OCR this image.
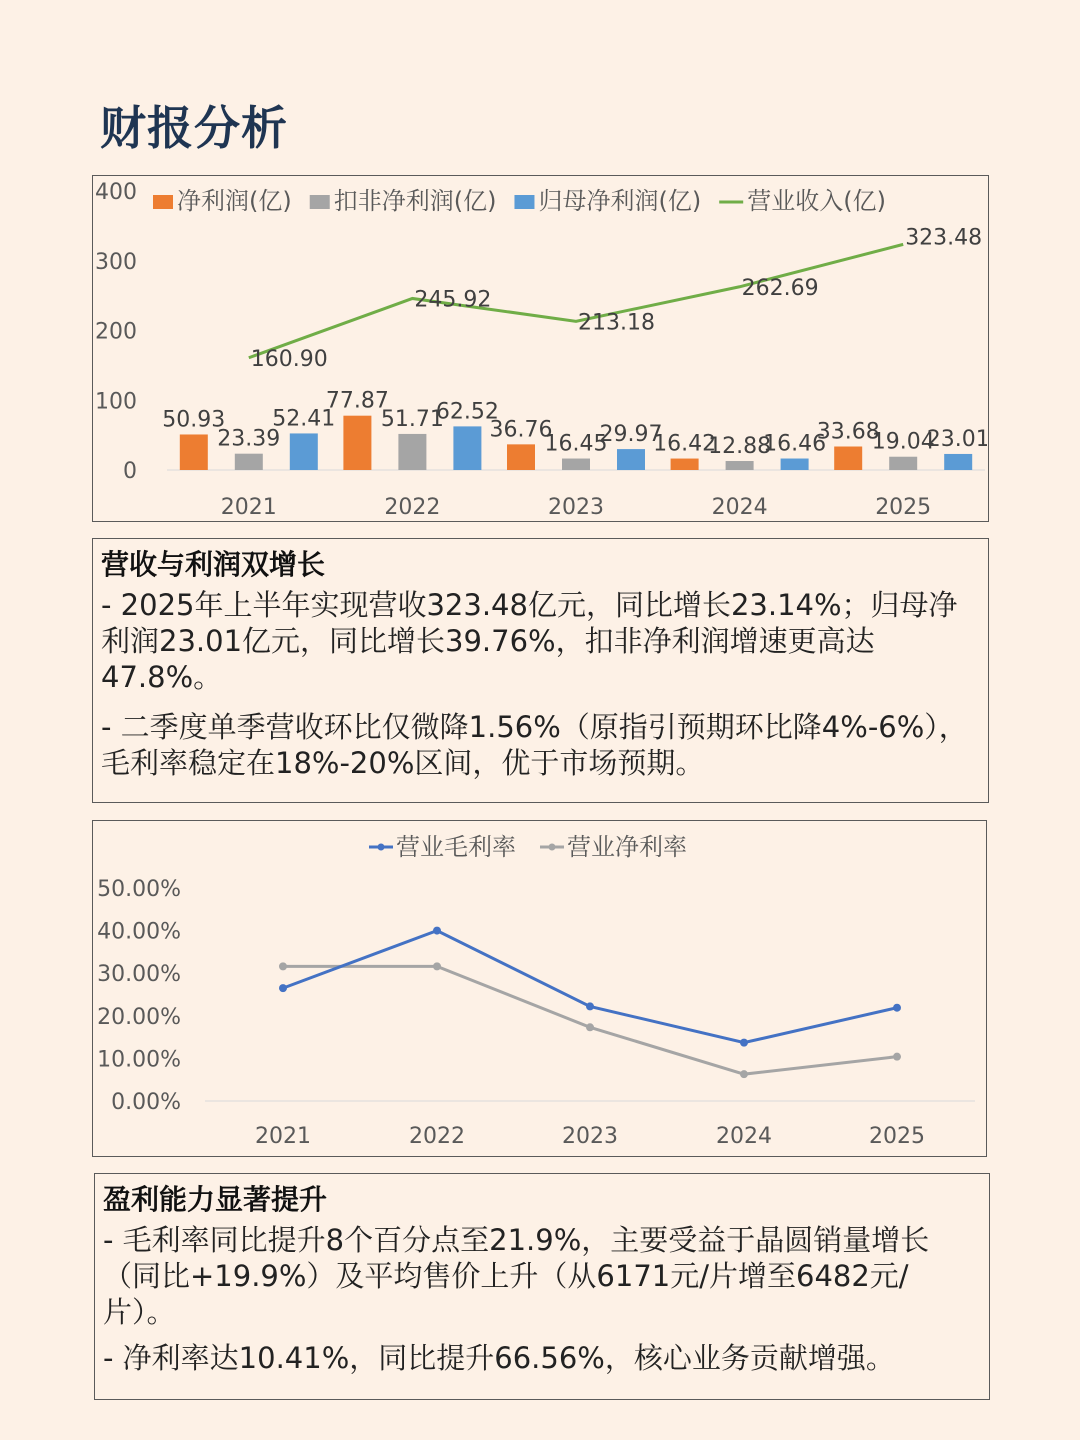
财报分析
0
100
200
300
400
50.93
77.87
36.76
16.42	33.68
23.39
51.71
16.45	12.88	19.04
52.41	62.52
29.97	16.46	23.01
160.90
245.92
213.18
262.69
323.48
2021	2022	2023	2024	2025
净利润(亿) 扣非净利润(亿) 归母净利润(亿) 营业收入(亿)
营收与利润双增长
- 2025年上半年实现营收323.48亿元，同比增长23.14%；归母净利润23.01亿元，同比增长39.76%，扣非净利润增速更高达47.8%。
- 二季度单季营收环比仅微降1.56%（原指引预期环比降4%-6%），毛利率稳定在18%-20%区间，优于市场预期。
0.00%
10.00%
20.00%
30.00%
40.00%
50.00%
2021	2022	2023	2024	2025
营业毛利率 营业净利率
盈利能力显著提升
- 毛利率同比提升8个百分点至21.9%，主要受益于晶圆销量增长（同比+19.9%）及平均售价上升（从6171元/片增至6482元/片）。
- 净利率达10.41%，同比提升66.56%，核心业务贡献增强。
